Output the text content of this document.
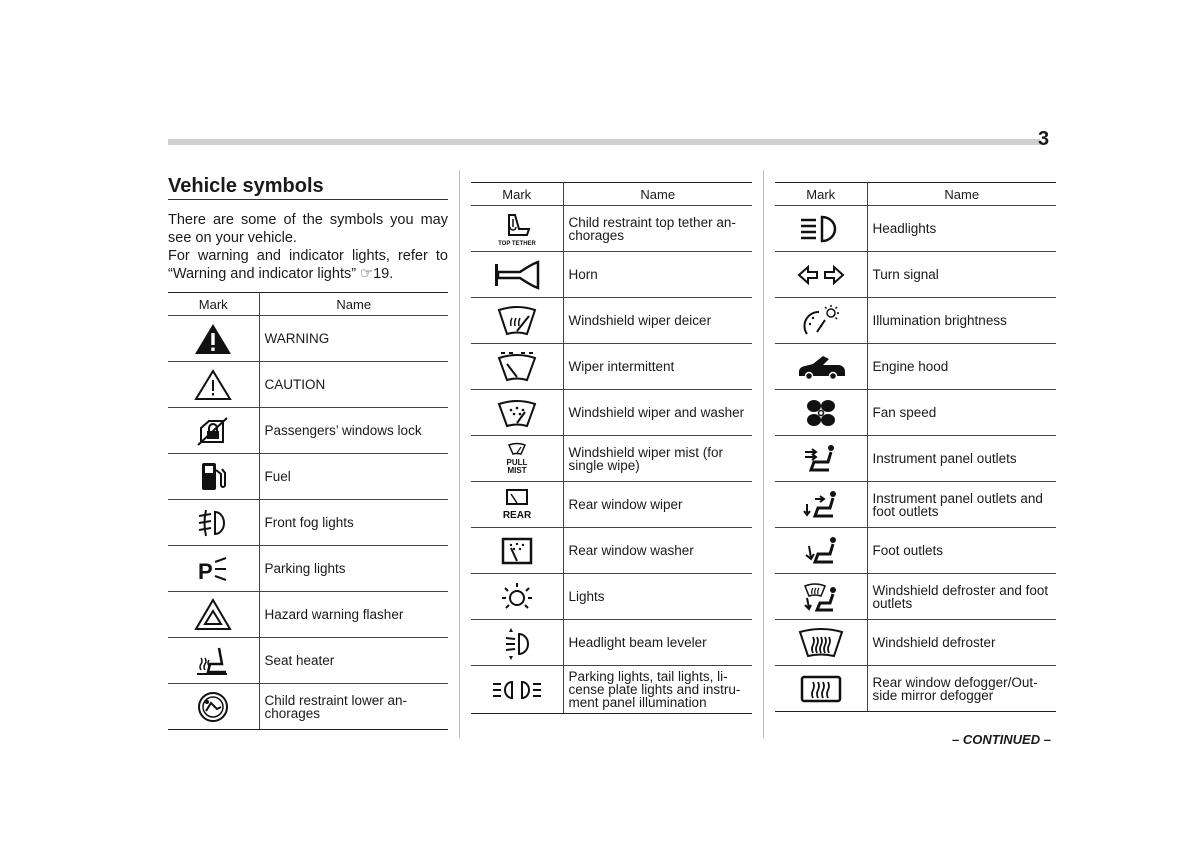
3
Vehicle symbols
There are some of the symbols you may see on your vehicle.
For warning and indicator lights, refer to “Warning and indicator lights” ☞19.
Mark	Name
	WARNING
	CAUTION
	Passengers’ windows lock
	Fuel
	Front fog lights

P	Parking lights
	Hazard warning flasher
	Seat heater
	Child restraint lower an-
chorages
Mark	Name

TOP TETHER	Child restraint top tether an-
chorages
	Horn
	Windshield wiper deicer
	Wiper intermittent
	Windshield wiper and washer

PULL
MIST	Windshield wiper mist (for
single wipe)

REAR	Rear window wiper
	Rear window washer
	Lights
	Headlight beam leveler
	Parking lights, tail lights, li-
cense plate lights and instru-
ment panel illumination
Mark	Name
	Headlights
	Turn signal
	Illumination brightness
	Engine hood
	Fan speed
	Instrument panel outlets
	Instrument panel outlets and
foot outlets
	Foot outlets
	Windshield defroster and foot
outlets
	Windshield defroster
	Rear window defogger/Out-
side mirror defogger
– CONTINUED –
